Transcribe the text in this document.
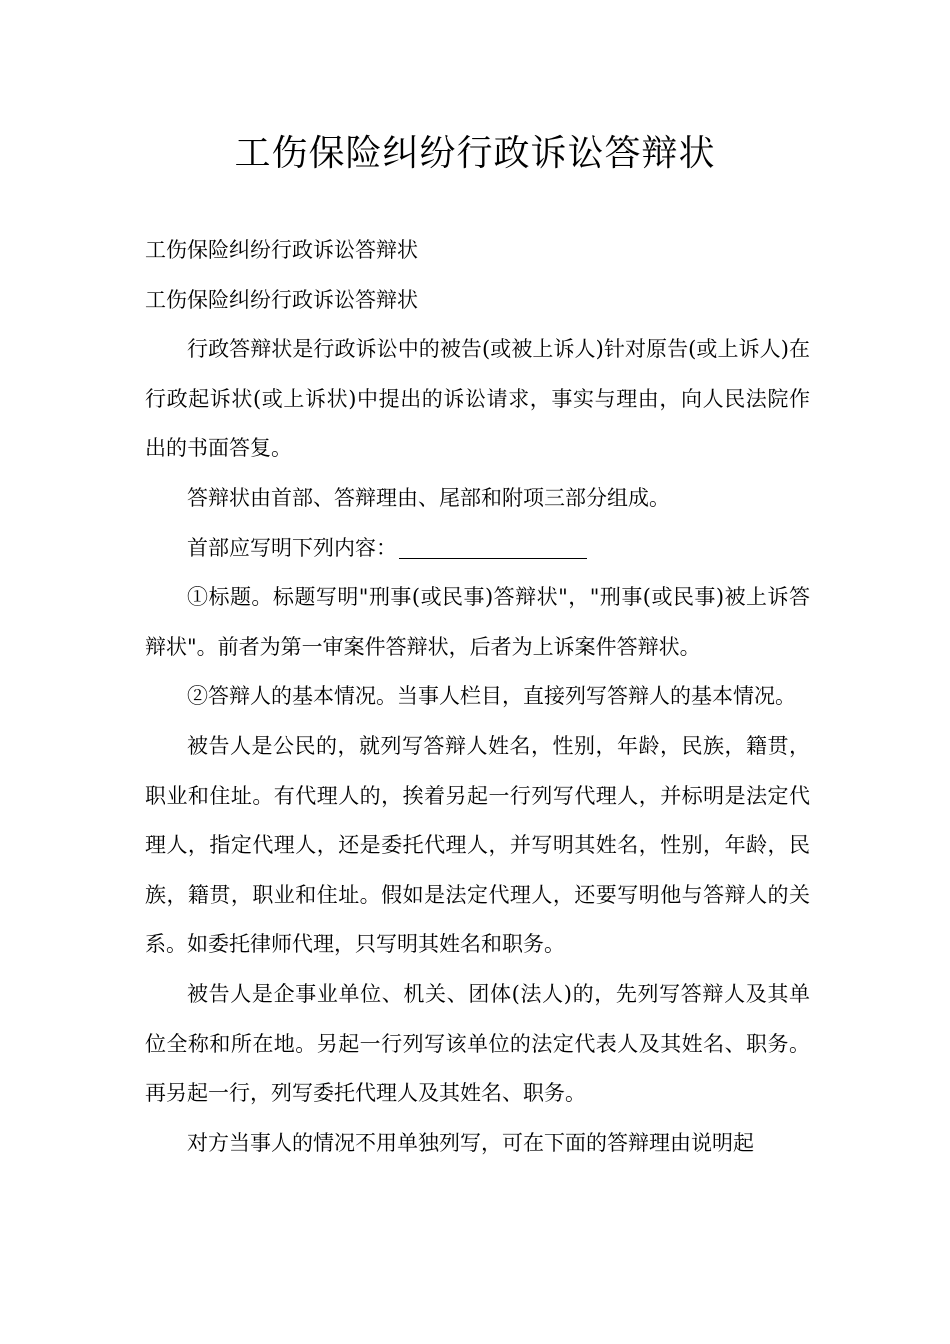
工伤保险纠纷行政诉讼答辩状

工伤保险纠纷行政诉讼答辩状

工伤保险纠纷行政诉讼答辩状

行政答辩状是行政诉讼中的被告(或被上诉人)针对原告(或上诉人)在行政起诉状(或上诉状)中提出的诉讼请求，事实与理由，向人民法院作出的书面答复。

答辩状由首部、答辩理由、尾部和附项三部分组成。

首部应写明下列内容：

①标题。标题写明"刑事(或民事)答辩状"，"刑事(或民事)被上诉答辩状"。前者为第一审案件答辩状，后者为上诉案件答辩状。

②答辩人的基本情况。当事人栏目，直接列写答辩人的基本情况。

被告人是公民的，就列写答辩人姓名，性别，年龄，民族，籍贯，职业和住址。有代理人的，挨着另起一行列写代理人，并标明是法定代理人，指定代理人，还是委托代理人，并写明其姓名，性别，年龄，民族，籍贯，职业和住址。假如是法定代理人，还要写明他与答辩人的关系。如委托律师代理，只写明其姓名和职务。

被告人是企事业单位、机关、团体(法人)的，先列写答辩人及其单位全称和所在地。另起一行列写该单位的法定代表人及其姓名、职务。再另起一行，列写委托代理人及其姓名、职务。

对方当事人的情况不用单独列写，可在下面的答辩理由说明起
